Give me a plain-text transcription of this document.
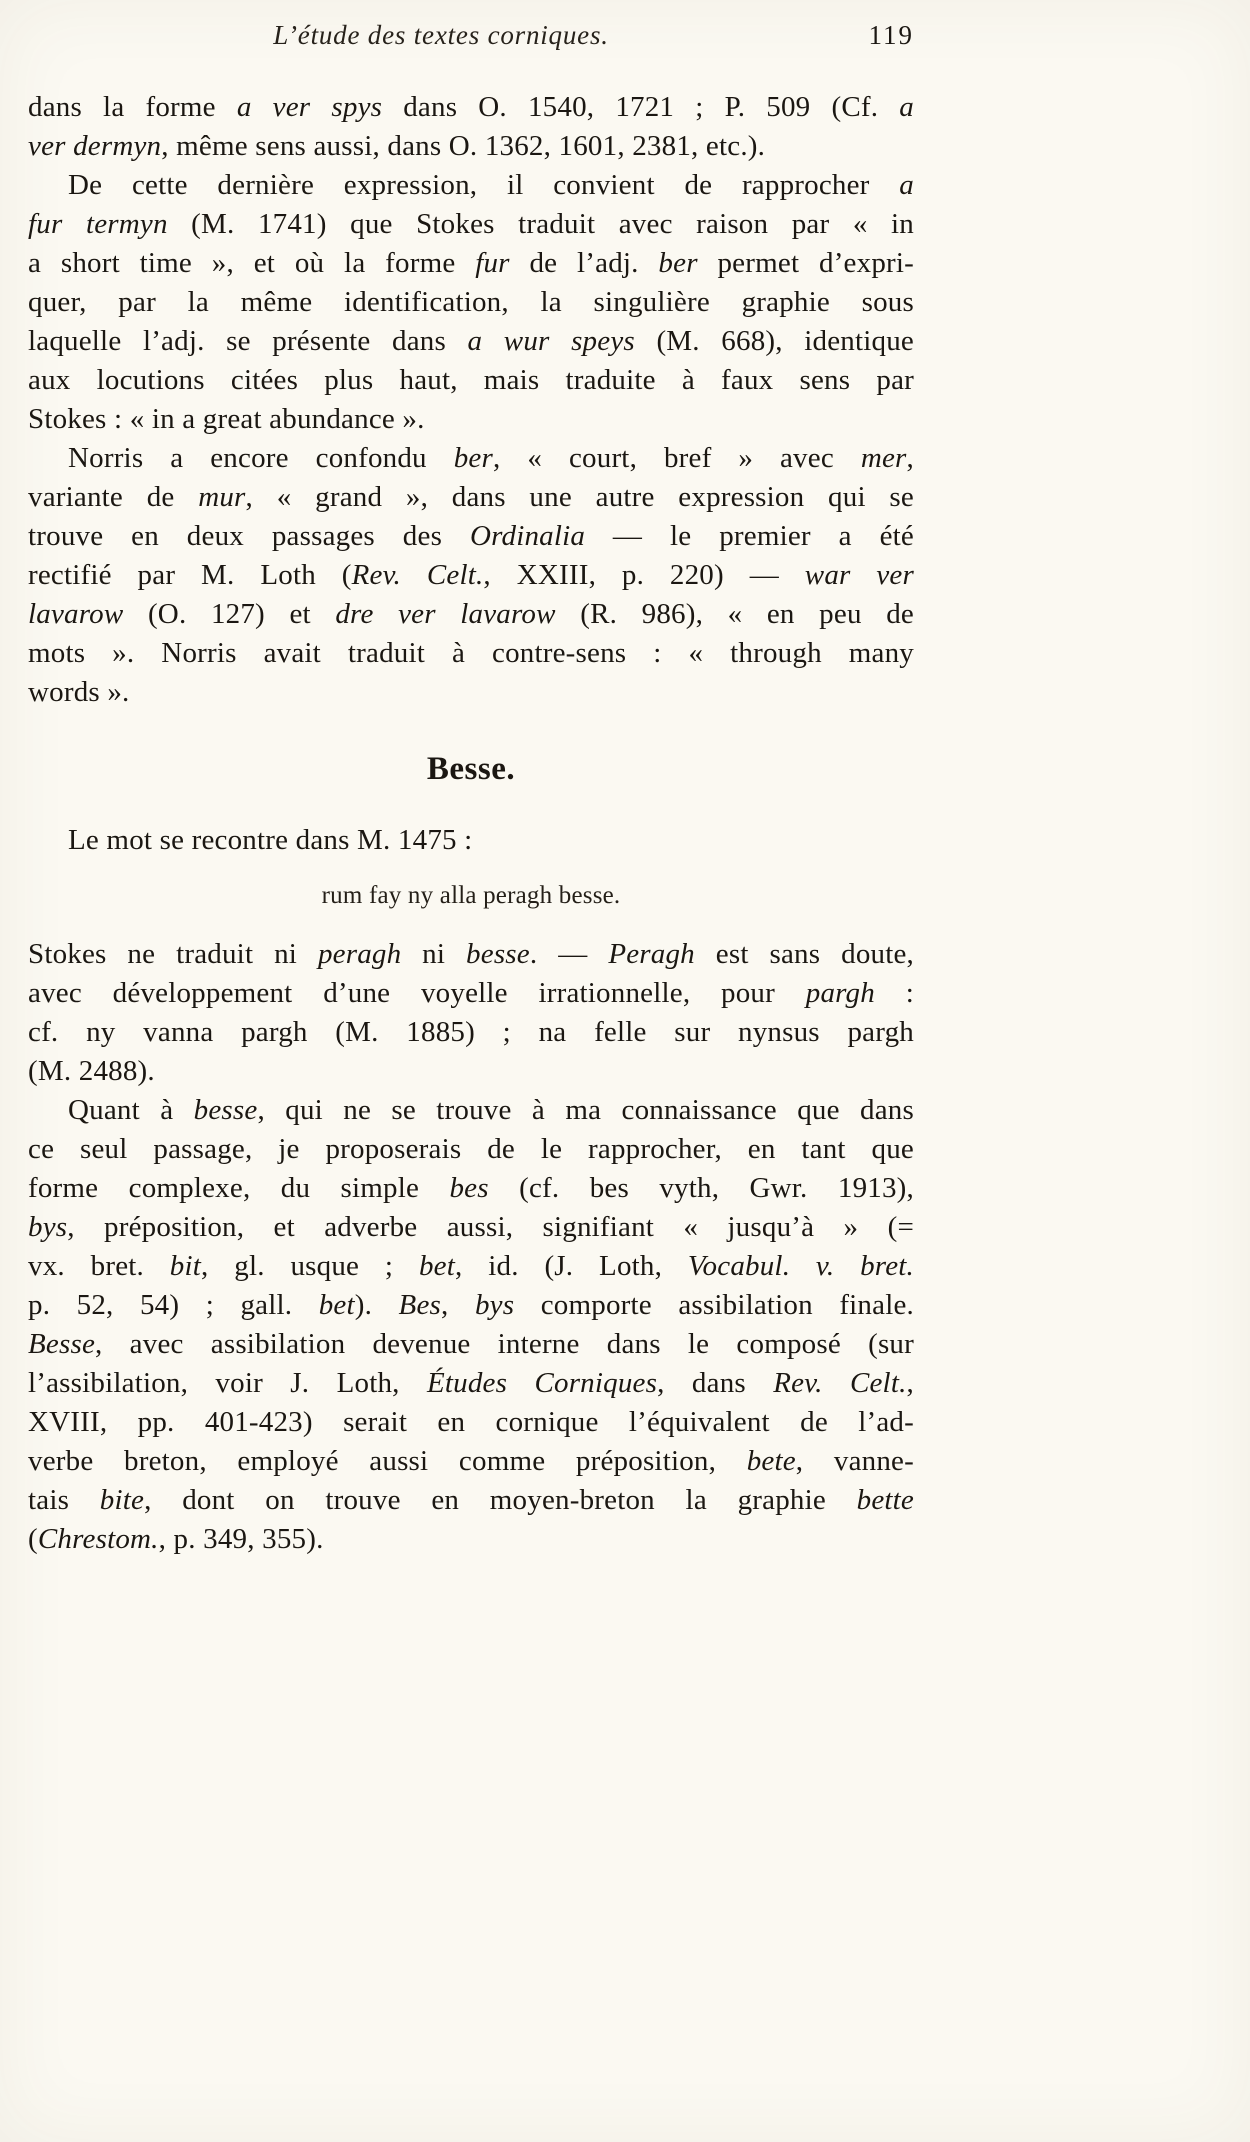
L’étude des textes corniques.	119
dans la forme a ver spys dans O. 1540, 1721 ; P. 509 (Cf. a
ver dermyn, même sens aussi, dans O. 1362, 1601, 2381, etc.).
De cette dernière expression, il convient de rapprocher a
fur termyn (M. 1741) que Stokes traduit avec raison par « in
a short time », et où la forme fur de l’adj. ber permet d’expri-
quer, par la même identification, la singulière graphie sous
laquelle l’adj. se présente dans a wur speys (M. 668), identique
aux locutions citées plus haut, mais traduite à faux sens par
Stokes : « in a great abundance ».
Norris a encore confondu ber, « court, bref » avec mer,
variante de mur, « grand », dans une autre expression qui se
trouve en deux passages des Ordinalia — le premier a été
rectifié par M. Loth (Rev. Celt., XXIII, p. 220) — war ver
lavarow (O. 127) et dre ver lavarow (R. 986), « en peu de
mots ». Norris avait traduit à contre-sens : « through many
words ».
Besse.
Le mot se recontre dans M. 1475 :
rum fay ny alla peragh besse.
Stokes ne traduit ni peragh ni besse. — Peragh est sans doute,
avec développement d’une voyelle irrationnelle, pour pargh :
cf. ny vanna pargh (M. 1885) ; na felle sur nynsus pargh
(M. 2488).
Quant à besse, qui ne se trouve à ma connaissance que dans
ce seul passage, je proposerais de le rapprocher, en tant que
forme complexe, du simple bes (cf. bes vyth, Gwr. 1913),
bys, préposition, et adverbe aussi, signifiant « jusqu’à » (=
vx. bret. bit, gl. usque ; bet, id. (J. Loth, Vocabul. v. bret.
p. 52, 54) ; gall. bet). Bes, bys comporte assibilation finale.
Besse, avec assibilation devenue interne dans le composé (sur
l’assibilation, voir J. Loth, Études Corniques, dans Rev. Celt.,
XVIII, pp. 401-423) serait en cornique l’équivalent de l’ad-
verbe breton, employé aussi comme préposition, bete, vanne-
tais bite, dont on trouve en moyen-breton la graphie bette
(Chrestom., p. 349, 355).
